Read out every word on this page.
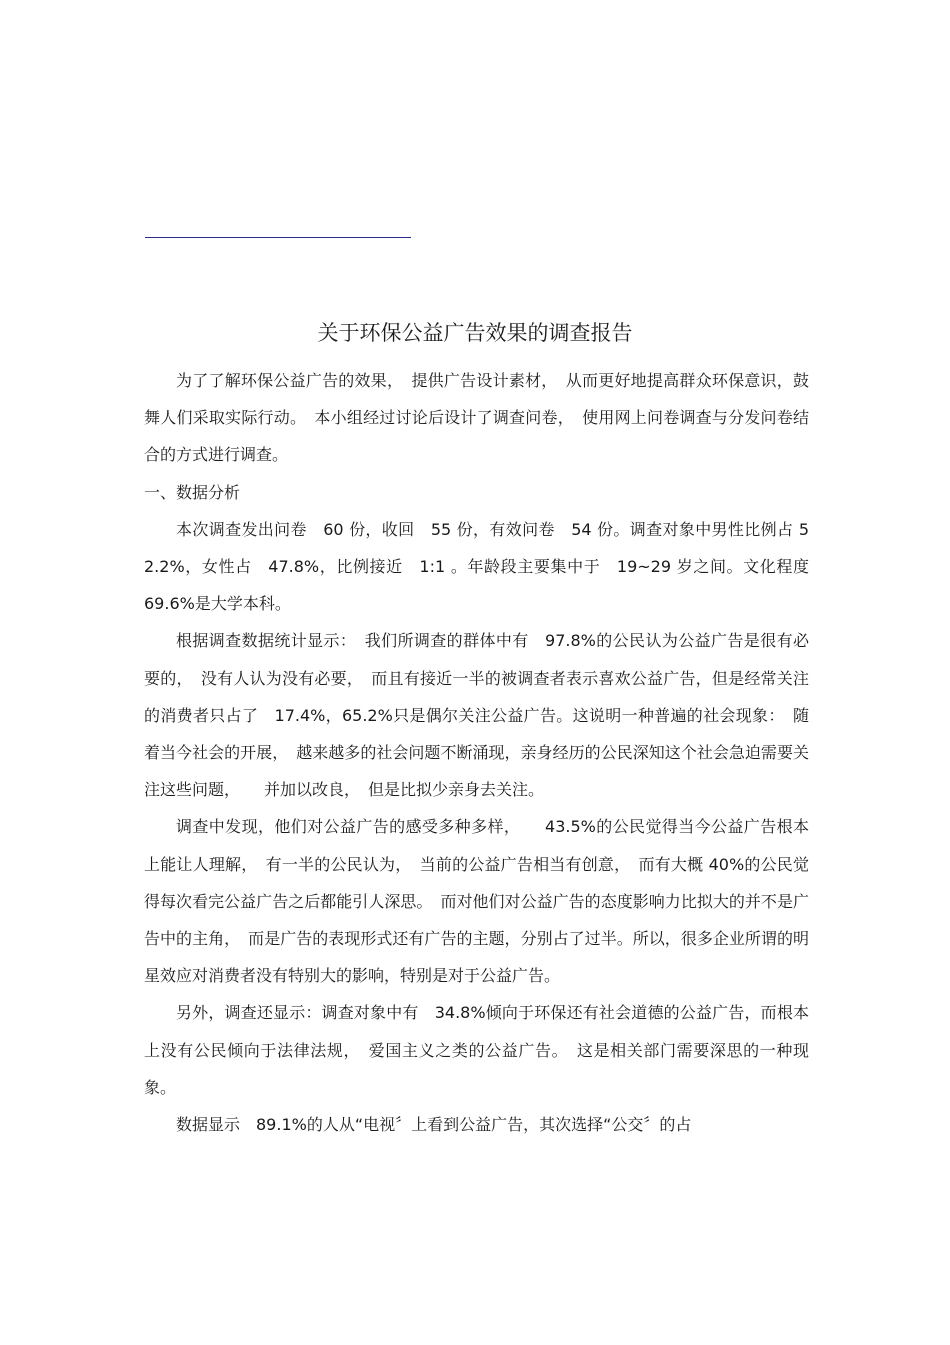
关于环保公益广告效果的调查报告

为了了解环保公益广告的效果，　提供广告设计素材，　从而更好地提高群众环保意识，鼓舞人们采取实际行动。　本小组经过讨论后设计了调查问卷，　使用网上问卷调查与分发问卷结合的方式进行调查。

一、数据分析

本次调查发出问卷　60 份，收回　55 份，有效问卷　54 份。调查对象中男性比例占 52.2%，女性占　47.8%，比例接近　1:1 。年龄段主要集中于　19~29 岁之间。文化程度　69.6%是大学本科。

根据调查数据统计显示：　我们所调查的群体中有　97.8%的公民认为公益广告是很有必要的，　没有人认为没有必要，　而且有接近一半的被调查者表示喜欢公益广告，但是经常关注的消费者只占了　17.4%，65.2%只是偶尔关注公益广告。这说明一种普遍的社会现象：　随着当今社会的开展，　越来越多的社会问题不断涌现，亲身经历的公民深知这个社会急迫需要关注这些问题，　　并加以改良，　但是比拟少亲身去关注。

调查中发现，他们对公益广告的感受多种多样，　　43.5%的公民觉得当今公益广告根本上能让人理解，　有一半的公民认为，　当前的公益广告相当有创意，　而有大概 40%的公民觉得每次看完公益广告之后都能引人深思。　而对他们对公益广告的态度影响力比拟大的并不是广告中的主角，　而是广告的表现形式还有广告的主题，分别占了过半。所以，很多企业所谓的明星效应对消费者没有特别大的影响，特别是对于公益广告。

另外，调查还显示：调查对象中有　34.8%倾向于环保还有社会道德的公益广告，而根本上没有公民倾向于法律法规，　爱国主义之类的公益广告。　这是相关部门需要深思的一种现象。

数据显示　89.1%的人从“电视〞上看到公益广告，其次选择“公交〞的占
